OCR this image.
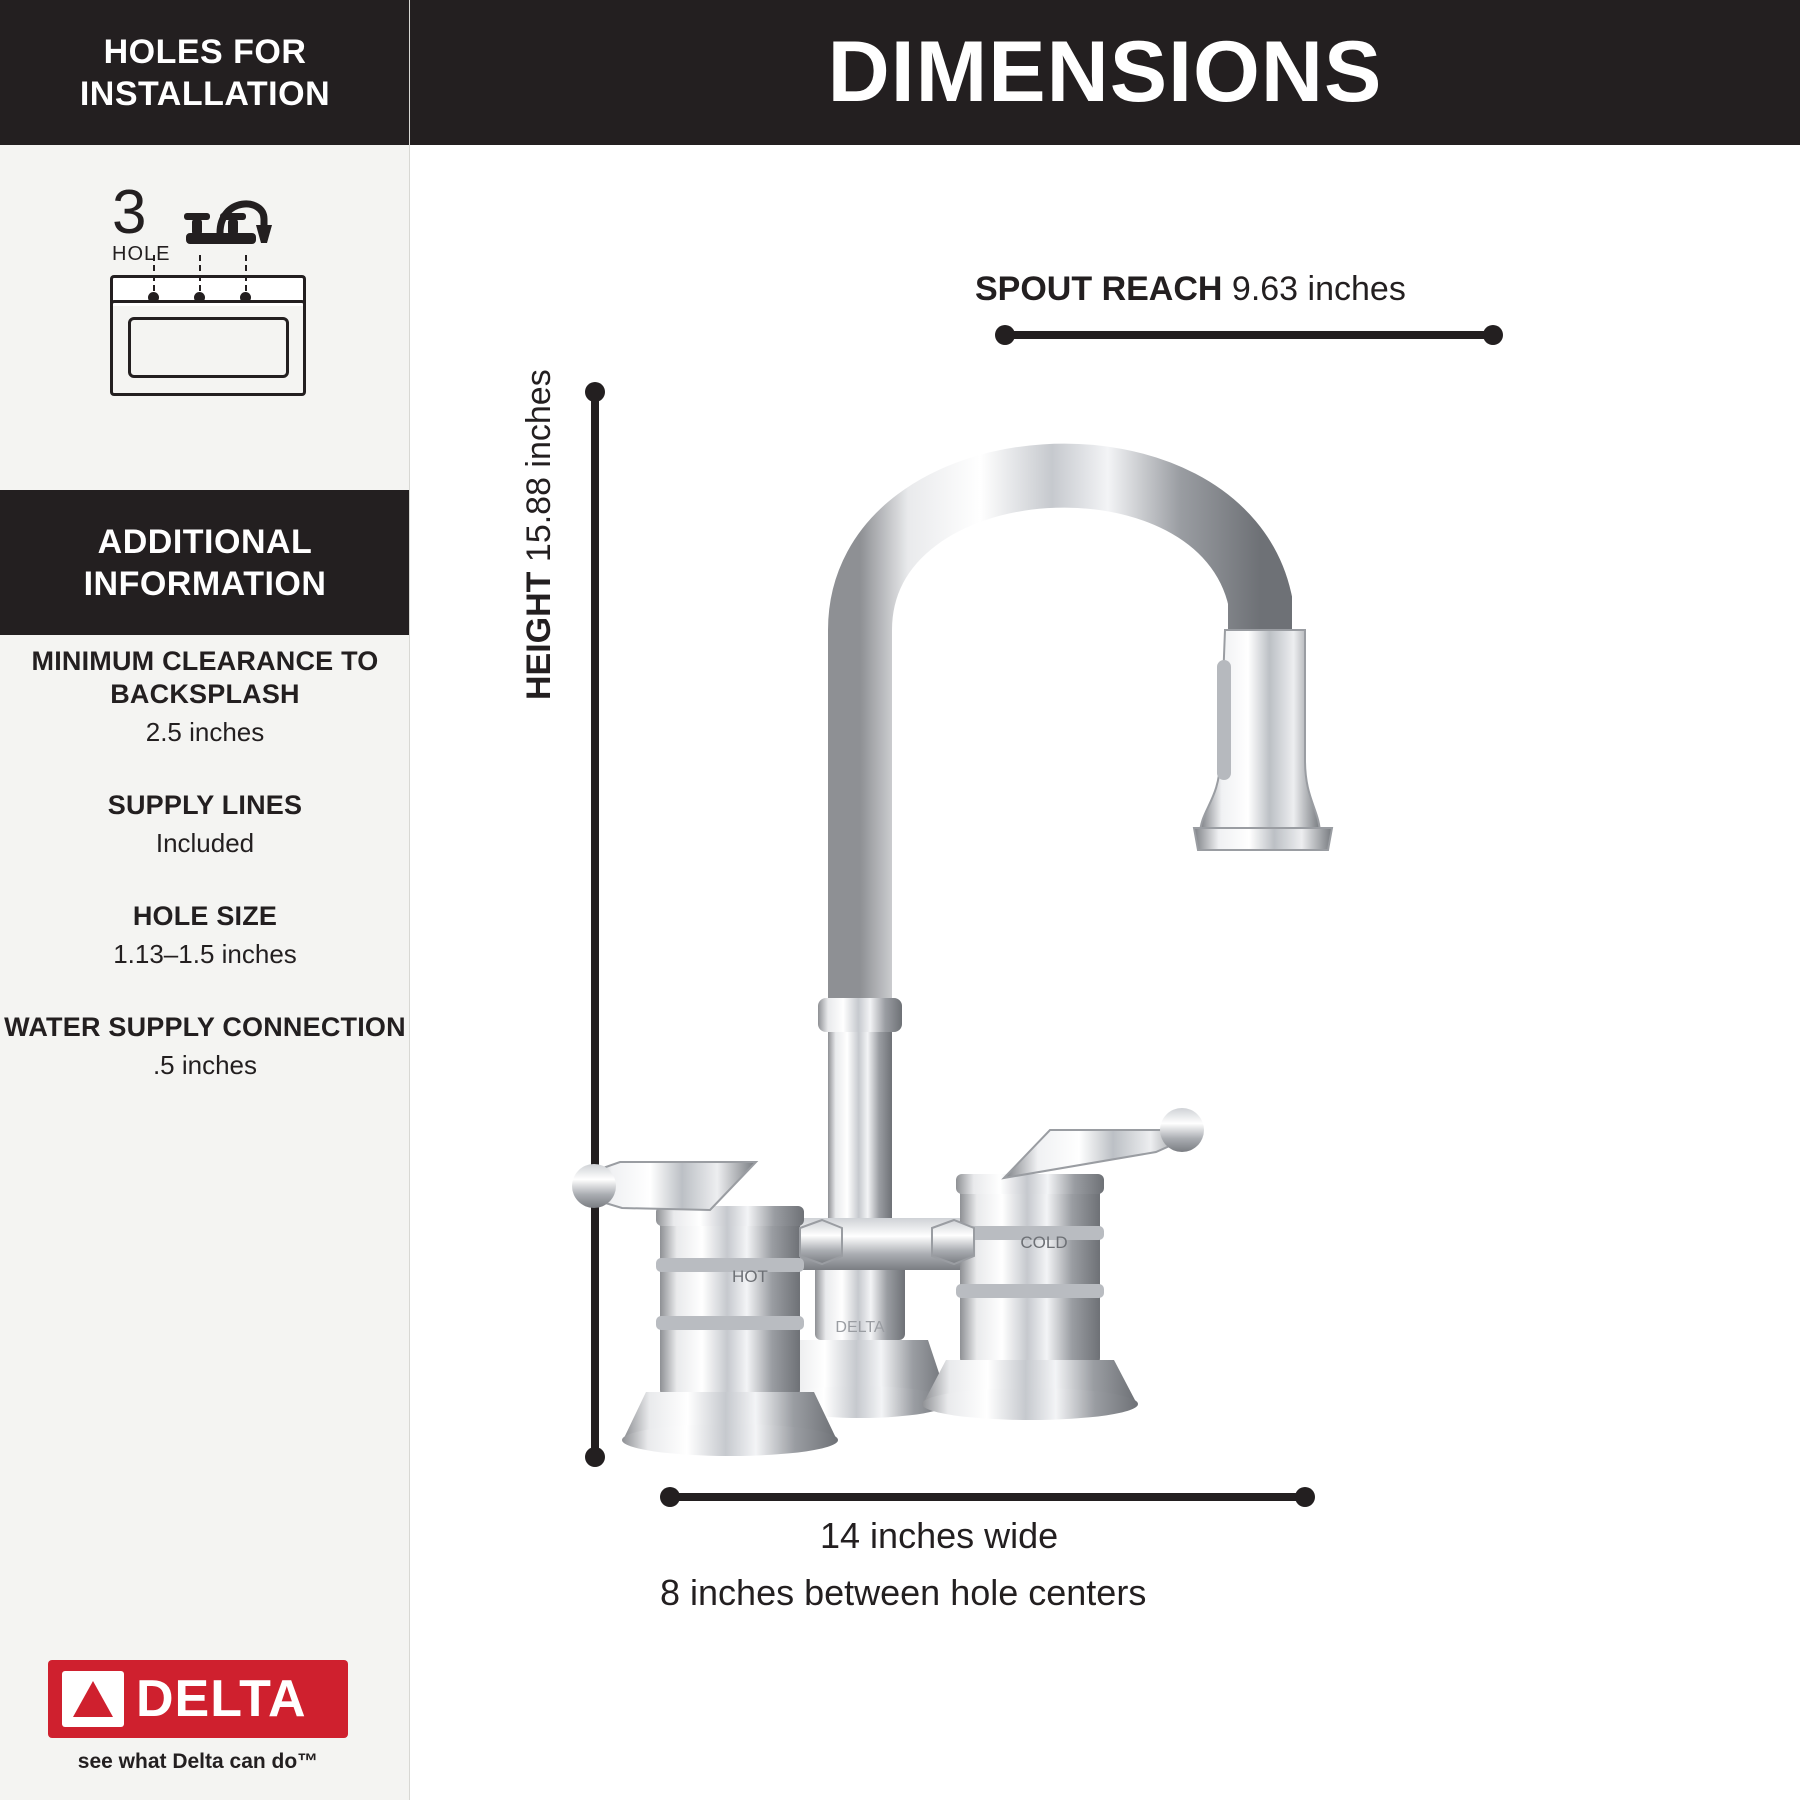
HOLES FOR INSTALLATION
3
HOLE
ADDITIONAL INFORMATION
MINIMUM CLEARANCE TO BACKSPLASH
2.5 inches
SUPPLY LINES
Included
HOLE SIZE
1.13–1.5 inches
WATER SUPPLY CONNECTION
.5 inches
DELTA
see what Delta can do™
DIMENSIONS
SPOUT REACH 9.63 inches
HEIGHT 15.88 inches
14 inches wide
8 inches between hole centers
DELTA
HOT
COLD
